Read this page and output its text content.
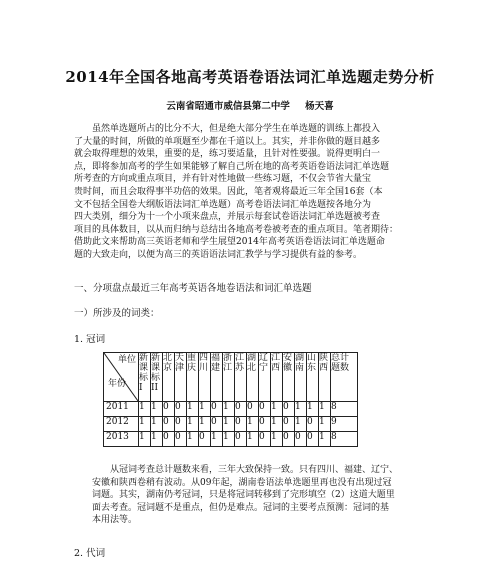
2014年全国各地高考英语卷语法词汇单选题走势分析
云南省昭通市威信县第二中学 杨天喜

虽然单选题所占的比分不大，但是绝大部分学生在单选题的训练上都投入
了大量的时间，所做的单项题至少都在千道以上。其实，并非你做的题目越多
就会取得理想的效果，重要的是，练习要适量，且针对性要强。说得更明白一
点，即将参加高考的学生如果能够了解自己所在地的高考英语卷语法词汇单选题
所考查的方向或重点项目，并有针对性地做一些练习题，不仅会节省大量宝
贵时间，而且会取得事半功倍的效果。因此，笔者观将最近三年全国16套（本
文不包括全国卷大纲版语法词汇单选题）高考卷语法词汇单选题按各地分为
四大类别，细分为十一个小项来盘点，并展示每套试卷语法词汇单选题被考查
项目的具体数目，以从而归纳与总结出各地高考卷被考查的重点项目。笔者期待：
借助此文来帮助高三英语老师和学生展望2014年高考英语卷语法词汇单选题命
题的大致走向，以便为高三的英语语法词汇教学与学习提供有益的参考。

一、分项盘点最近三年高考英语各地卷语法和词汇单选题
一）所涉及的词类：
1. 冠词
单位
年份	新课标I	新课标II	北京	天津	重庆	四川	福建	浙江	江苏	湖北	辽宁	江西	安徽	湖南	山东	陕西	总计题数
2011	1	1	0	0	1	1	0	1	0	0	0	1	0	1	1	1	8
2012	1	1	0	0	1	1	0	1	0	1	0	1	0	1	0	1	9
2013	1	1	0	0	1	0	1	1	0	1	0	1	0	0	0	1	8

从冠词考查总计题数来看，三年大致保持一致。只有四川、福建、辽宁、
安徽和陕西卷稍有波动。从09年起，湖南卷语法单选题里再也没有出现过冠
词题。其实，湖南仍考冠词，只是将冠词转移到了完形填空（2）这道大题里
面去考查。冠词题不是重点，但仍是难点。冠词的主要考点预测：冠词的基
本用法等。

2. 代词
